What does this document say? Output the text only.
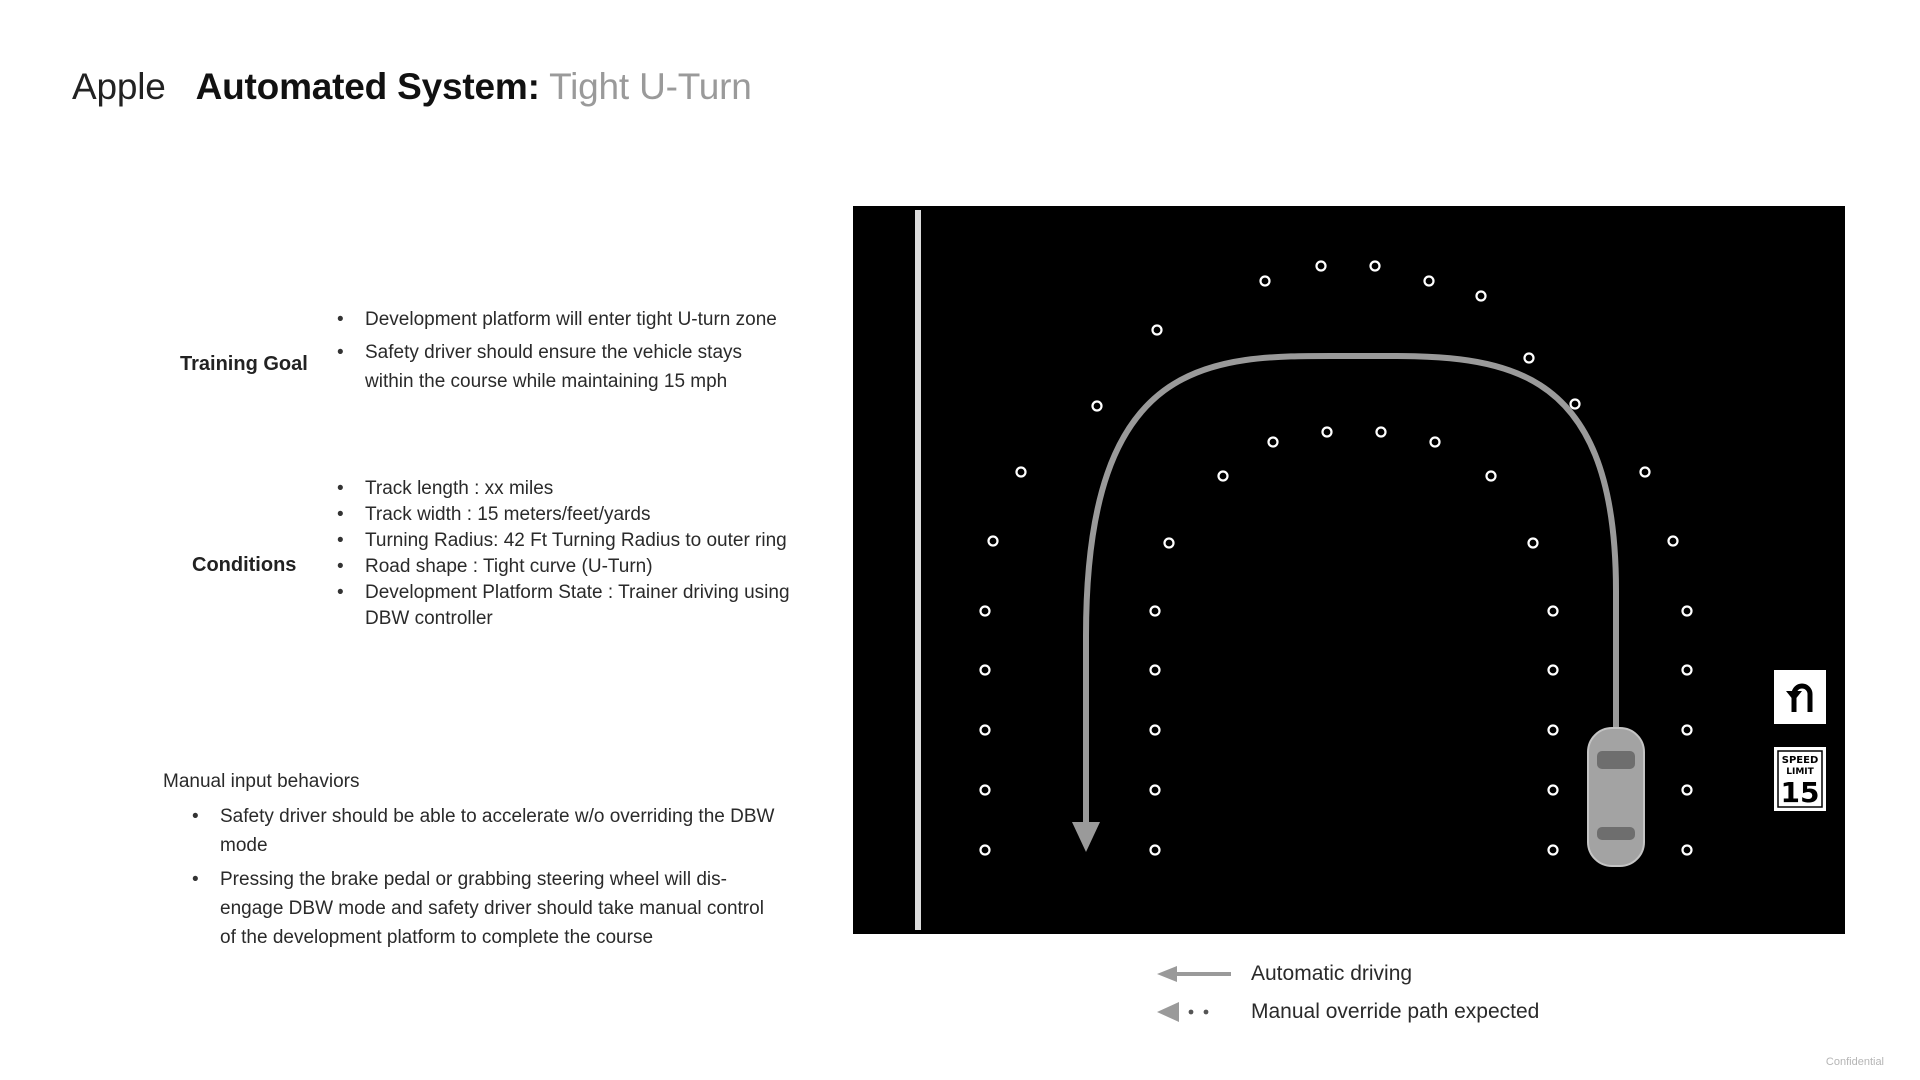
Apple Automated System: Tight U-Turn
Training Goal
• Development platform will enter tight U-turn zone
• Safety driver should ensure the vehicle stays within the course while maintaining 15 mph
Conditions
• Track length : xx miles
• Track width : 15 meters/feet/yards
• Turning Radius: 42 Ft Turning Radius to outer ring
• Road shape : Tight curve (U-Turn)
• Development Platform State : Trainer driving using DBW controller
Manual input behaviors
• Safety driver should be able to accelerate w/o overriding the DBW mode
• Pressing the brake pedal or grabbing steering wheel will dis-engage DBW mode and safety driver should take manual control of the development platform to complete the course
SPEED
LIMIT
15
Automatic driving
Manual override path expected
Confidential
